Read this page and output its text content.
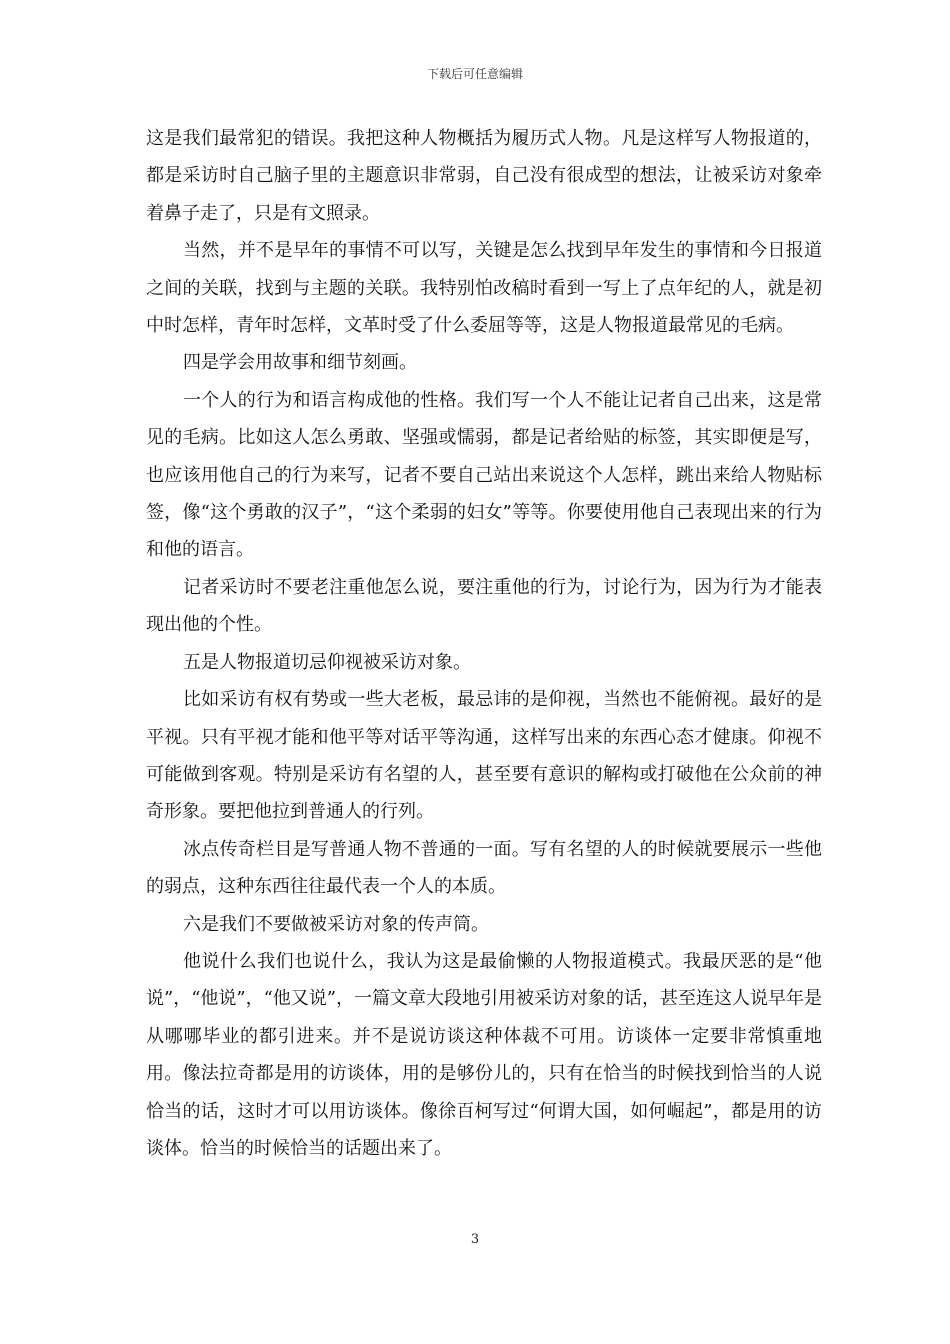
下载后可任意编辑

这是我们最常犯的错误。我把这种人物概括为履历式人物。凡是这样写人物报道的，都是采访时自己脑子里的主题意识非常弱，自己没有很成型的想法，让被采访对象牵着鼻子走了，只是有文照录。

当然，并不是早年的事情不可以写，关键是怎么找到早年发生的事情和今日报道之间的关联，找到与主题的关联。我特别怕改稿时看到一写上了点年纪的人，就是初中时怎样，青年时怎样，文革时受了什么委屈等等，这是人物报道最常见的毛病。

四是学会用故事和细节刻画。

一个人的行为和语言构成他的性格。我们写一个人不能让记者自己出来，这是常见的毛病。比如这人怎么勇敢、坚强或懦弱，都是记者给贴的标签，其实即便是写，也应该用他自己的行为来写，记者不要自己站出来说这个人怎样，跳出来给人物贴标签，像“这个勇敢的汉子”，“这个柔弱的妇女”等等。你要使用他自己表现出来的行为和他的语言。

记者采访时不要老注重他怎么说，要注重他的行为，讨论行为，因为行为才能表现出他的个性。

五是人物报道切忌仰视被采访对象。

比如采访有权有势或一些大老板，最忌讳的是仰视，当然也不能俯视。最好的是平视。只有平视才能和他平等对话平等沟通，这样写出来的东西心态才健康。仰视不可能做到客观。特别是采访有名望的人，甚至要有意识的解构或打破他在公众前的神奇形象。要把他拉到普通人的行列。

冰点传奇栏目是写普通人物不普通的一面。写有名望的人的时候就要展示一些他的弱点，这种东西往往最代表一个人的本质。

六是我们不要做被采访对象的传声筒。

他说什么我们也说什么，我认为这是最偷懒的人物报道模式。我最厌恶的是“他说”，“他说”，“他又说”，一篇文章大段地引用被采访对象的话，甚至连这人说早年是从哪哪毕业的都引进来。并不是说访谈这种体裁不可用。访谈体一定要非常慎重地用。像法拉奇都是用的访谈体，用的是够份儿的，只有在恰当的时候找到恰当的人说恰当的话，这时才可以用访谈体。像徐百柯写过“何谓大国，如何崛起”，都是用的访谈体。恰当的时候恰当的话题出来了。

3
